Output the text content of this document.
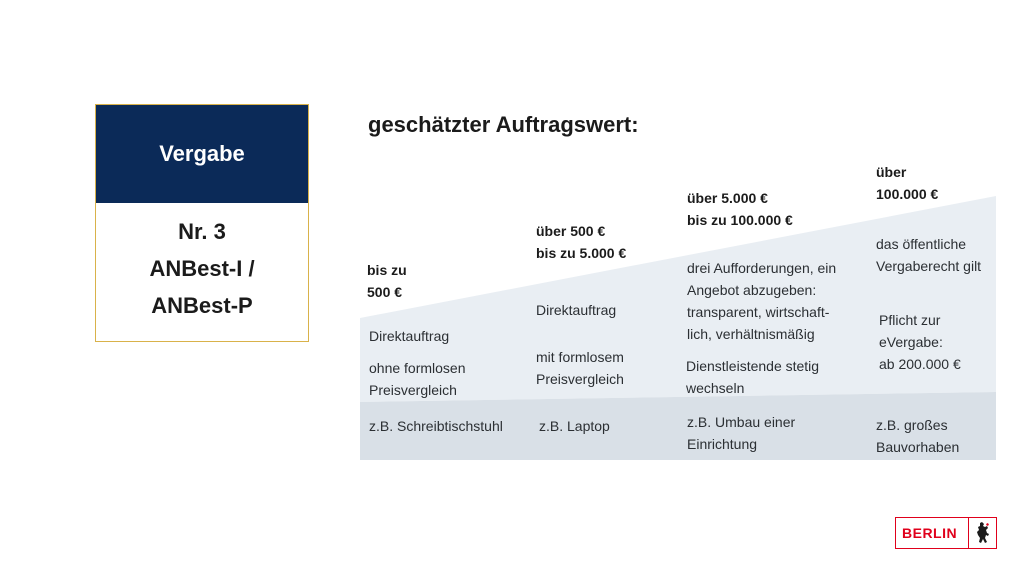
Vergabe
Nr. 3
ANBest-I /
ANBest-P
geschätzter Auftragswert:
bis zu
500 €
Direktauftrag
ohne formlosen
Preisvergleich
z.B. Schreibtischstuhl
über 500 €
bis zu 5.000 €
Direktauftrag
mit formlosem
Preisvergleich
z.B. Laptop
über 5.000 €
bis zu 100.000 €
drei Aufforderungen, ein
Angebot abzugeben:
transparent, wirtschaft-
lich, verhältnismäßig
Dienstleistende stetig
wechseln
z.B. Umbau einer
Einrichtung
über
100.000 €
das öffentliche
Vergaberecht gilt
Pflicht zur
eVergabe:
ab 200.000 €
z.B. großes
Bauvorhaben
BERLIN
